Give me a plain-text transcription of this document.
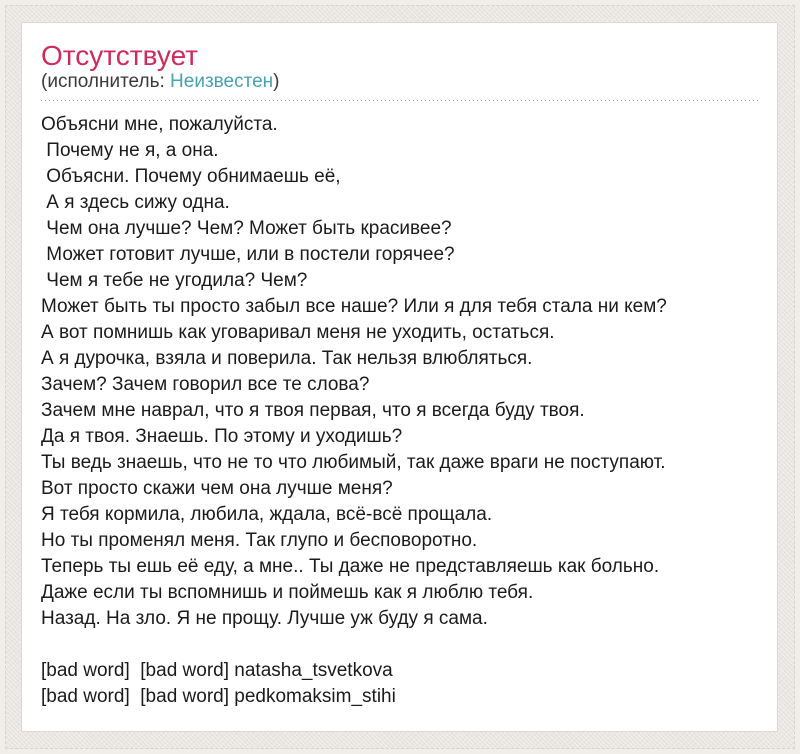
Отсутствует
(исполнитель: Неизвестен)
Объясни мне, пожалуйста.
Почему не я, а она.
Объясни. Почему обнимаешь её,
А я здесь сижу одна.
Чем она лучше? Чем? Может быть красивее?
Может готовит лучше, или в постели горячее?
Чем я тебе не угодила? Чем?
Может быть ты просто забыл все наше? Или я для тебя стала ни кем?
А вот помнишь как уговаривал меня не уходить, остаться.
А я дурочка, взяла и поверила. Так нельзя влюбляться.
Зачем? Зачем говорил все те слова?
Зачем мне наврал, что я твоя первая, что я всегда буду твоя.
Да я твоя. Знаешь. По этому и уходишь?
Ты ведь знаешь, что не то что любимый, так даже враги не поступают.
Вот просто скажи чем она лучше меня?
Я тебя кормила, любила, ждала, всё-всё прощала.
Но ты променял меня. Так глупо и бесповоротно.
Теперь ты ешь её еду, а мне.. Ты даже не представляешь как больно.
Даже если ты вспомнишь и поймешь как я люблю тебя.
Назад. На зло. Я не прощу. Лучше уж буду я сама.
[bad word]  [bad word] natasha_tsvetkova
[bad word]  [bad word] pedkomaksim_stihi
